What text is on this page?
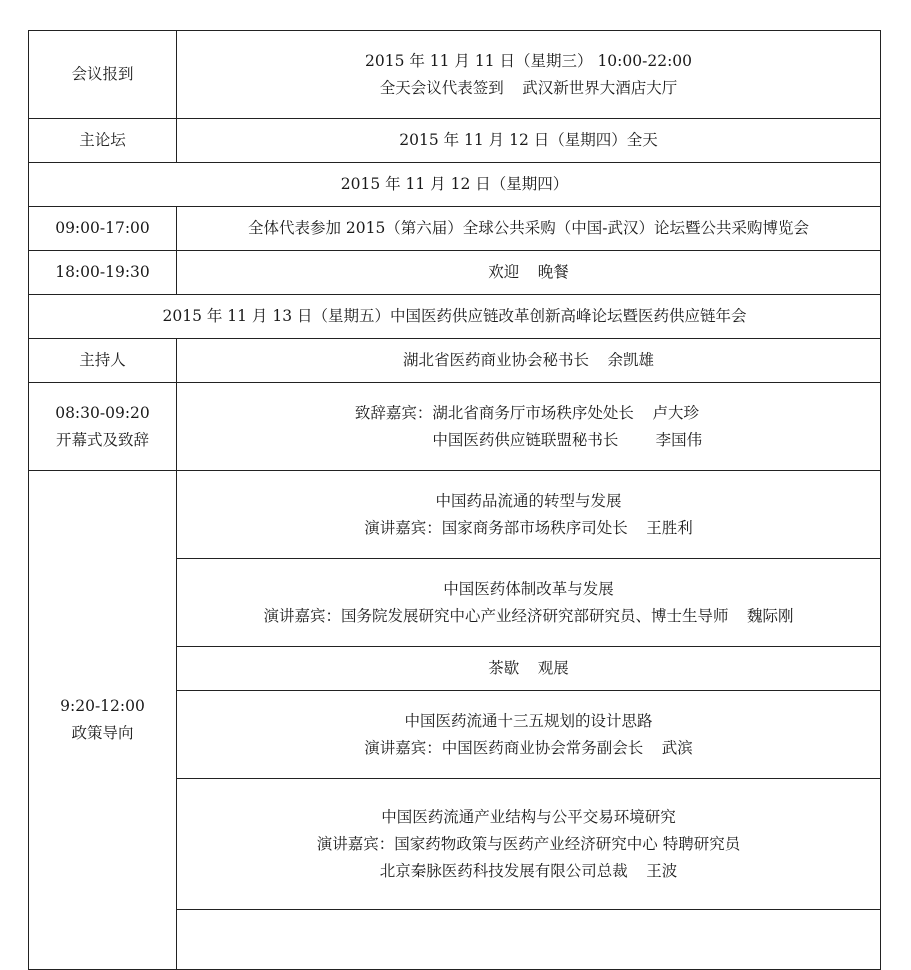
会议报到	2015 年 11 月 11 日（星期三） 10:00-22:00
全天会议代表签到 武汉新世界大酒店大厅

主论坛	2015 年 11 月 12 日（星期四）全天
2015 年 11 月 12 日（星期四）	
09:00-17:00	全体代表参加 2015（第六届）全球公共采购（中国-武汉）论坛暨公共采购博览会
18:00-19:30	欢迎 晚餐
2015 年 11 月 13 日（星期五）中国医药供应链改革创新高峰论坛暨医药供应链年会	
主持人	湖北省医药商业协会秘书长 余凯雄

08:30-09:20
开幕式及致辞	致辞嘉宾：湖北省商务厅市场秩序处处长 卢大珍
中国医药供应链联盟秘书长 李国伟

9:20-12:00
政策导向	中国药品流通的转型与发展
演讲嘉宾：国家商务部市场秩序司处长 王胜利

	中国医药体制改革与发展
演讲嘉宾：国务院发展研究中心产业经济研究部研究员、博士生导师 魏际刚

	茶歇 观展

	中国医药流通十三五规划的设计思路
演讲嘉宾：中国医药商业协会常务副会长 武滨

	中国医药流通产业结构与公平交易环境研究
演讲嘉宾：国家药物政策与医药产业经济研究中心 特聘研究员
北京秦脉医药科技发展有限公司总裁 王波
